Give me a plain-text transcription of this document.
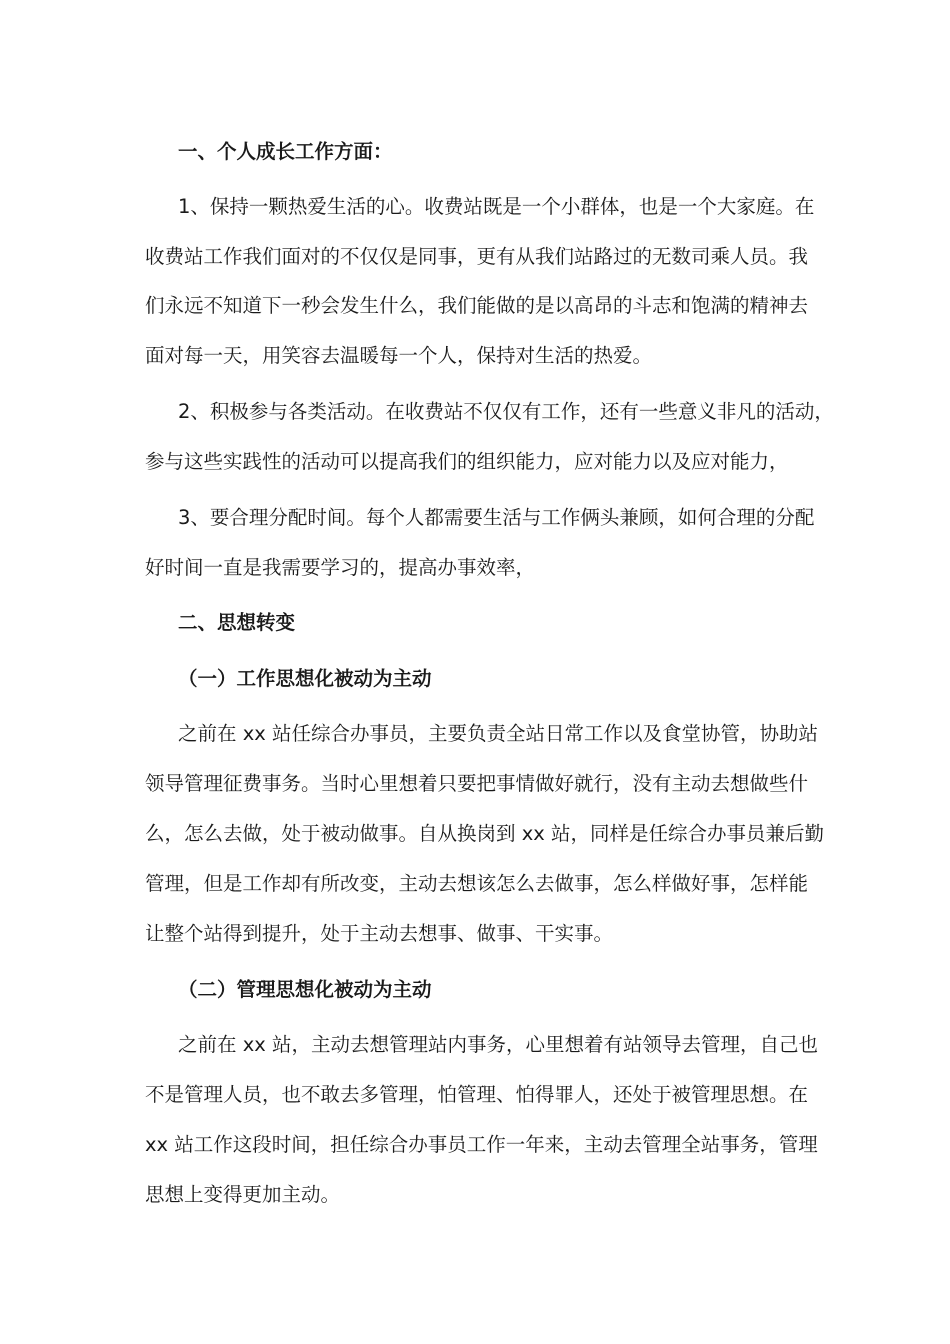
一、个人成长工作方面：
1、保持一颗热爱生活的心。收费站既是一个小群体，也是一个大家庭。在
收费站工作我们面对的不仅仅是同事，更有从我们站路过的无数司乘人员。我
们永远不知道下一秒会发生什么，我们能做的是以高昂的斗志和饱满的精神去
面对每一天，用笑容去温暖每一个人，保持对生活的热爱。
2、积极参与各类活动。在收费站不仅仅有工作，还有一些意义非凡的活动，
参与这些实践性的活动可以提高我们的组织能力，应对能力以及应对能力，
3、要合理分配时间。每个人都需要生活与工作俩头兼顾，如何合理的分配
好时间一直是我需要学习的，提高办事效率，
二、思想转变
（一）工作思想化被动为主动
之前在 xx 站任综合办事员，主要负责全站日常工作以及食堂协管，协助站
领导管理征费事务。当时心里想着只要把事情做好就行，没有主动去想做些什
么，怎么去做，处于被动做事。自从换岗到 xx 站，同样是任综合办事员兼后勤
管理，但是工作却有所改变，主动去想该怎么去做事，怎么样做好事，怎样能
让整个站得到提升，处于主动去想事、做事、干实事。
（二）管理思想化被动为主动
之前在 xx 站，主动去想管理站内事务，心里想着有站领导去管理，自己也
不是管理人员，也不敢去多管理，怕管理、怕得罪人，还处于被管理思想。在
xx 站工作这段时间，担任综合办事员工作一年来，主动去管理全站事务，管理
思想上变得更加主动。
